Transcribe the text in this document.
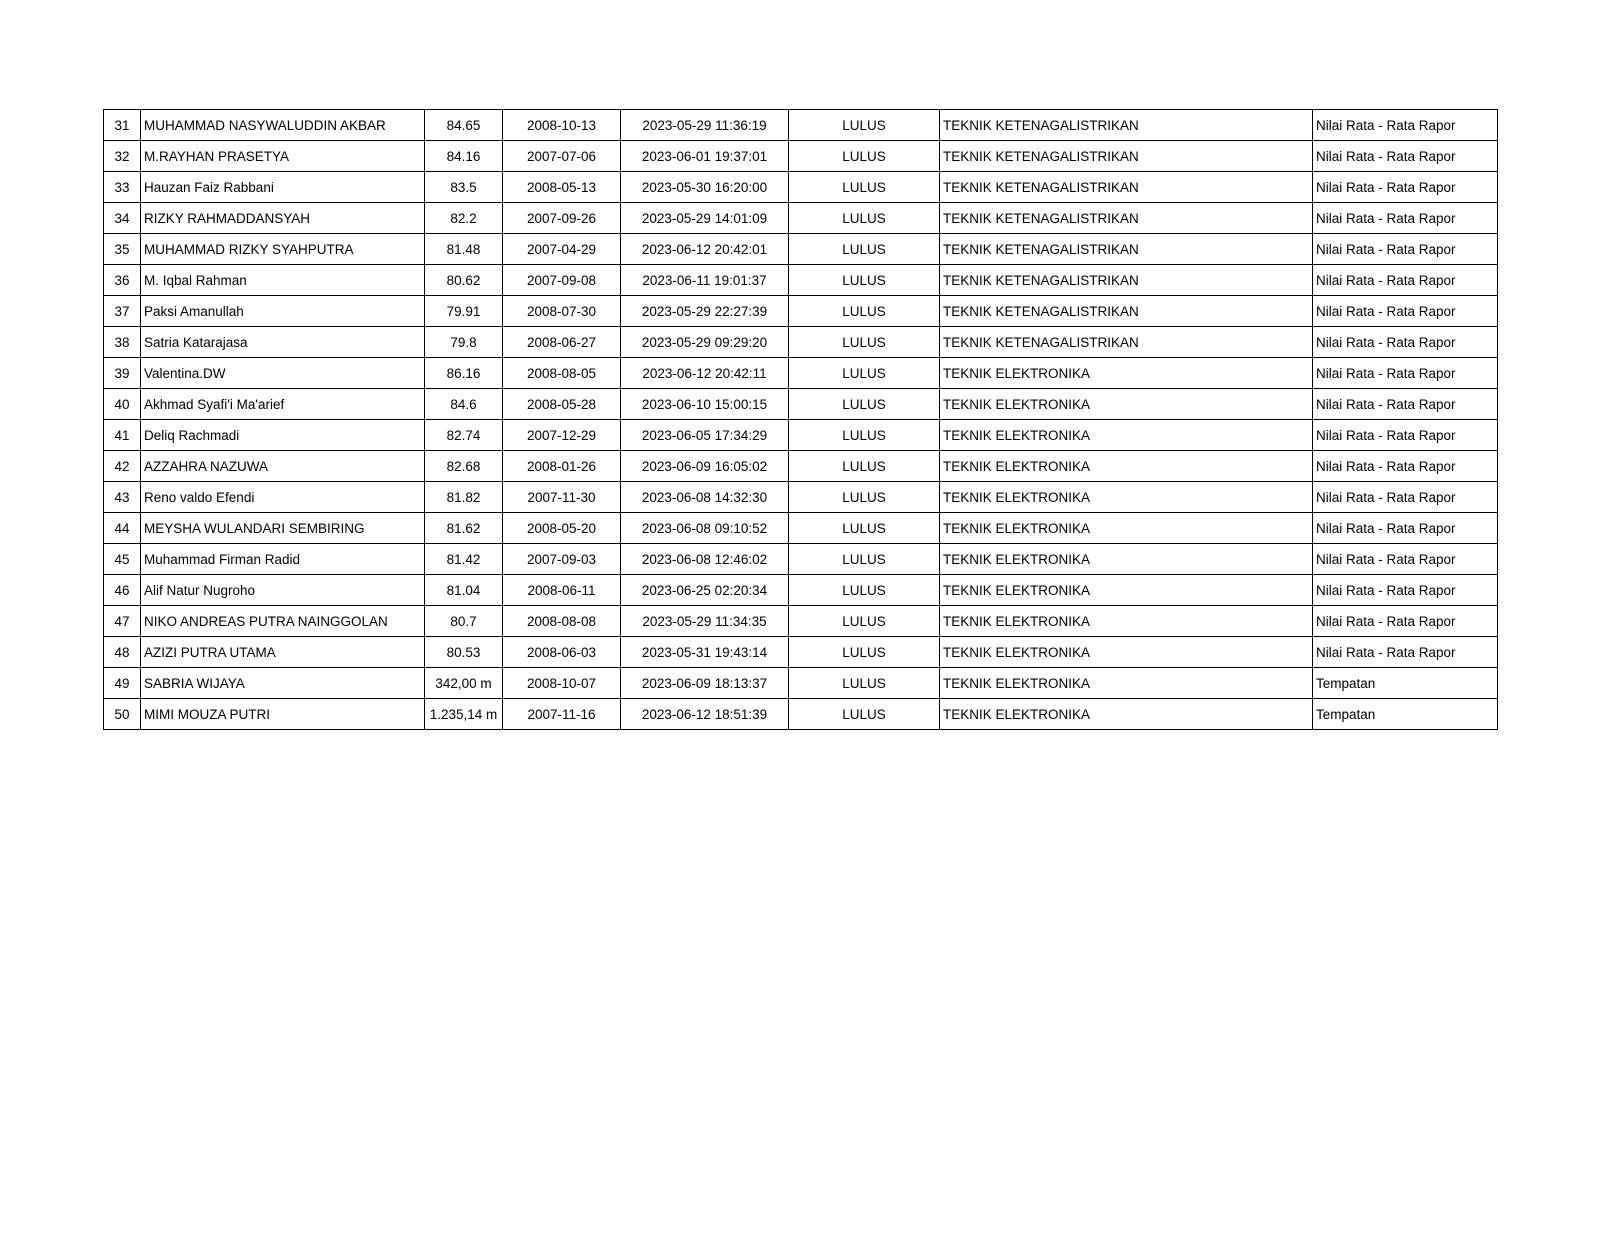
31	MUHAMMAD NASYWALUDDIN AKBAR	84.65	2008-10-13	2023-05-29 11:36:19	LULUS	TEKNIK KETENAGALISTRIKAN	Nilai Rata - Rata Rapor
32	M.RAYHAN PRASETYA	84.16	2007-07-06	2023-06-01 19:37:01	LULUS	TEKNIK KETENAGALISTRIKAN	Nilai Rata - Rata Rapor
33	Hauzan Faiz Rabbani	83.5	2008-05-13	2023-05-30 16:20:00	LULUS	TEKNIK KETENAGALISTRIKAN	Nilai Rata - Rata Rapor
34	RIZKY RAHMADDANSYAH	82.2	2007-09-26	2023-05-29 14:01:09	LULUS	TEKNIK KETENAGALISTRIKAN	Nilai Rata - Rata Rapor
35	MUHAMMAD RIZKY SYAHPUTRA	81.48	2007-04-29	2023-06-12 20:42:01	LULUS	TEKNIK KETENAGALISTRIKAN	Nilai Rata - Rata Rapor
36	M. Iqbal Rahman	80.62	2007-09-08	2023-06-11 19:01:37	LULUS	TEKNIK KETENAGALISTRIKAN	Nilai Rata - Rata Rapor
37	Paksi Amanullah	79.91	2008-07-30	2023-05-29 22:27:39	LULUS	TEKNIK KETENAGALISTRIKAN	Nilai Rata - Rata Rapor
38	Satria Katarajasa	79.8	2008-06-27	2023-05-29 09:29:20	LULUS	TEKNIK KETENAGALISTRIKAN	Nilai Rata - Rata Rapor
39	Valentina.DW	86.16	2008-08-05	2023-06-12 20:42:11	LULUS	TEKNIK ELEKTRONIKA	Nilai Rata - Rata Rapor
40	Akhmad Syafi'i Ma'arief	84.6	2008-05-28	2023-06-10 15:00:15	LULUS	TEKNIK ELEKTRONIKA	Nilai Rata - Rata Rapor
41	Deliq Rachmadi	82.74	2007-12-29	2023-06-05 17:34:29	LULUS	TEKNIK ELEKTRONIKA	Nilai Rata - Rata Rapor
42	AZZAHRA NAZUWA	82.68	2008-01-26	2023-06-09 16:05:02	LULUS	TEKNIK ELEKTRONIKA	Nilai Rata - Rata Rapor
43	Reno valdo Efendi	81.82	2007-11-30	2023-06-08 14:32:30	LULUS	TEKNIK ELEKTRONIKA	Nilai Rata - Rata Rapor
44	MEYSHA WULANDARI SEMBIRING	81.62	2008-05-20	2023-06-08 09:10:52	LULUS	TEKNIK ELEKTRONIKA	Nilai Rata - Rata Rapor
45	Muhammad Firman Radid	81.42	2007-09-03	2023-06-08 12:46:02	LULUS	TEKNIK ELEKTRONIKA	Nilai Rata - Rata Rapor
46	Alif Natur Nugroho	81.04	2008-06-11	2023-06-25 02:20:34	LULUS	TEKNIK ELEKTRONIKA	Nilai Rata - Rata Rapor
47	NIKO ANDREAS PUTRA NAINGGOLAN	80.7	2008-08-08	2023-05-29 11:34:35	LULUS	TEKNIK ELEKTRONIKA	Nilai Rata - Rata Rapor
48	AZIZI PUTRA UTAMA	80.53	2008-06-03	2023-05-31 19:43:14	LULUS	TEKNIK ELEKTRONIKA	Nilai Rata - Rata Rapor
49	SABRIA WIJAYA	342,00 m	2008-10-07	2023-06-09 18:13:37	LULUS	TEKNIK ELEKTRONIKA	Tempatan
50	MIMI MOUZA PUTRI	1.235,14 m	2007-11-16	2023-06-12 18:51:39	LULUS	TEKNIK ELEKTRONIKA	Tempatan
